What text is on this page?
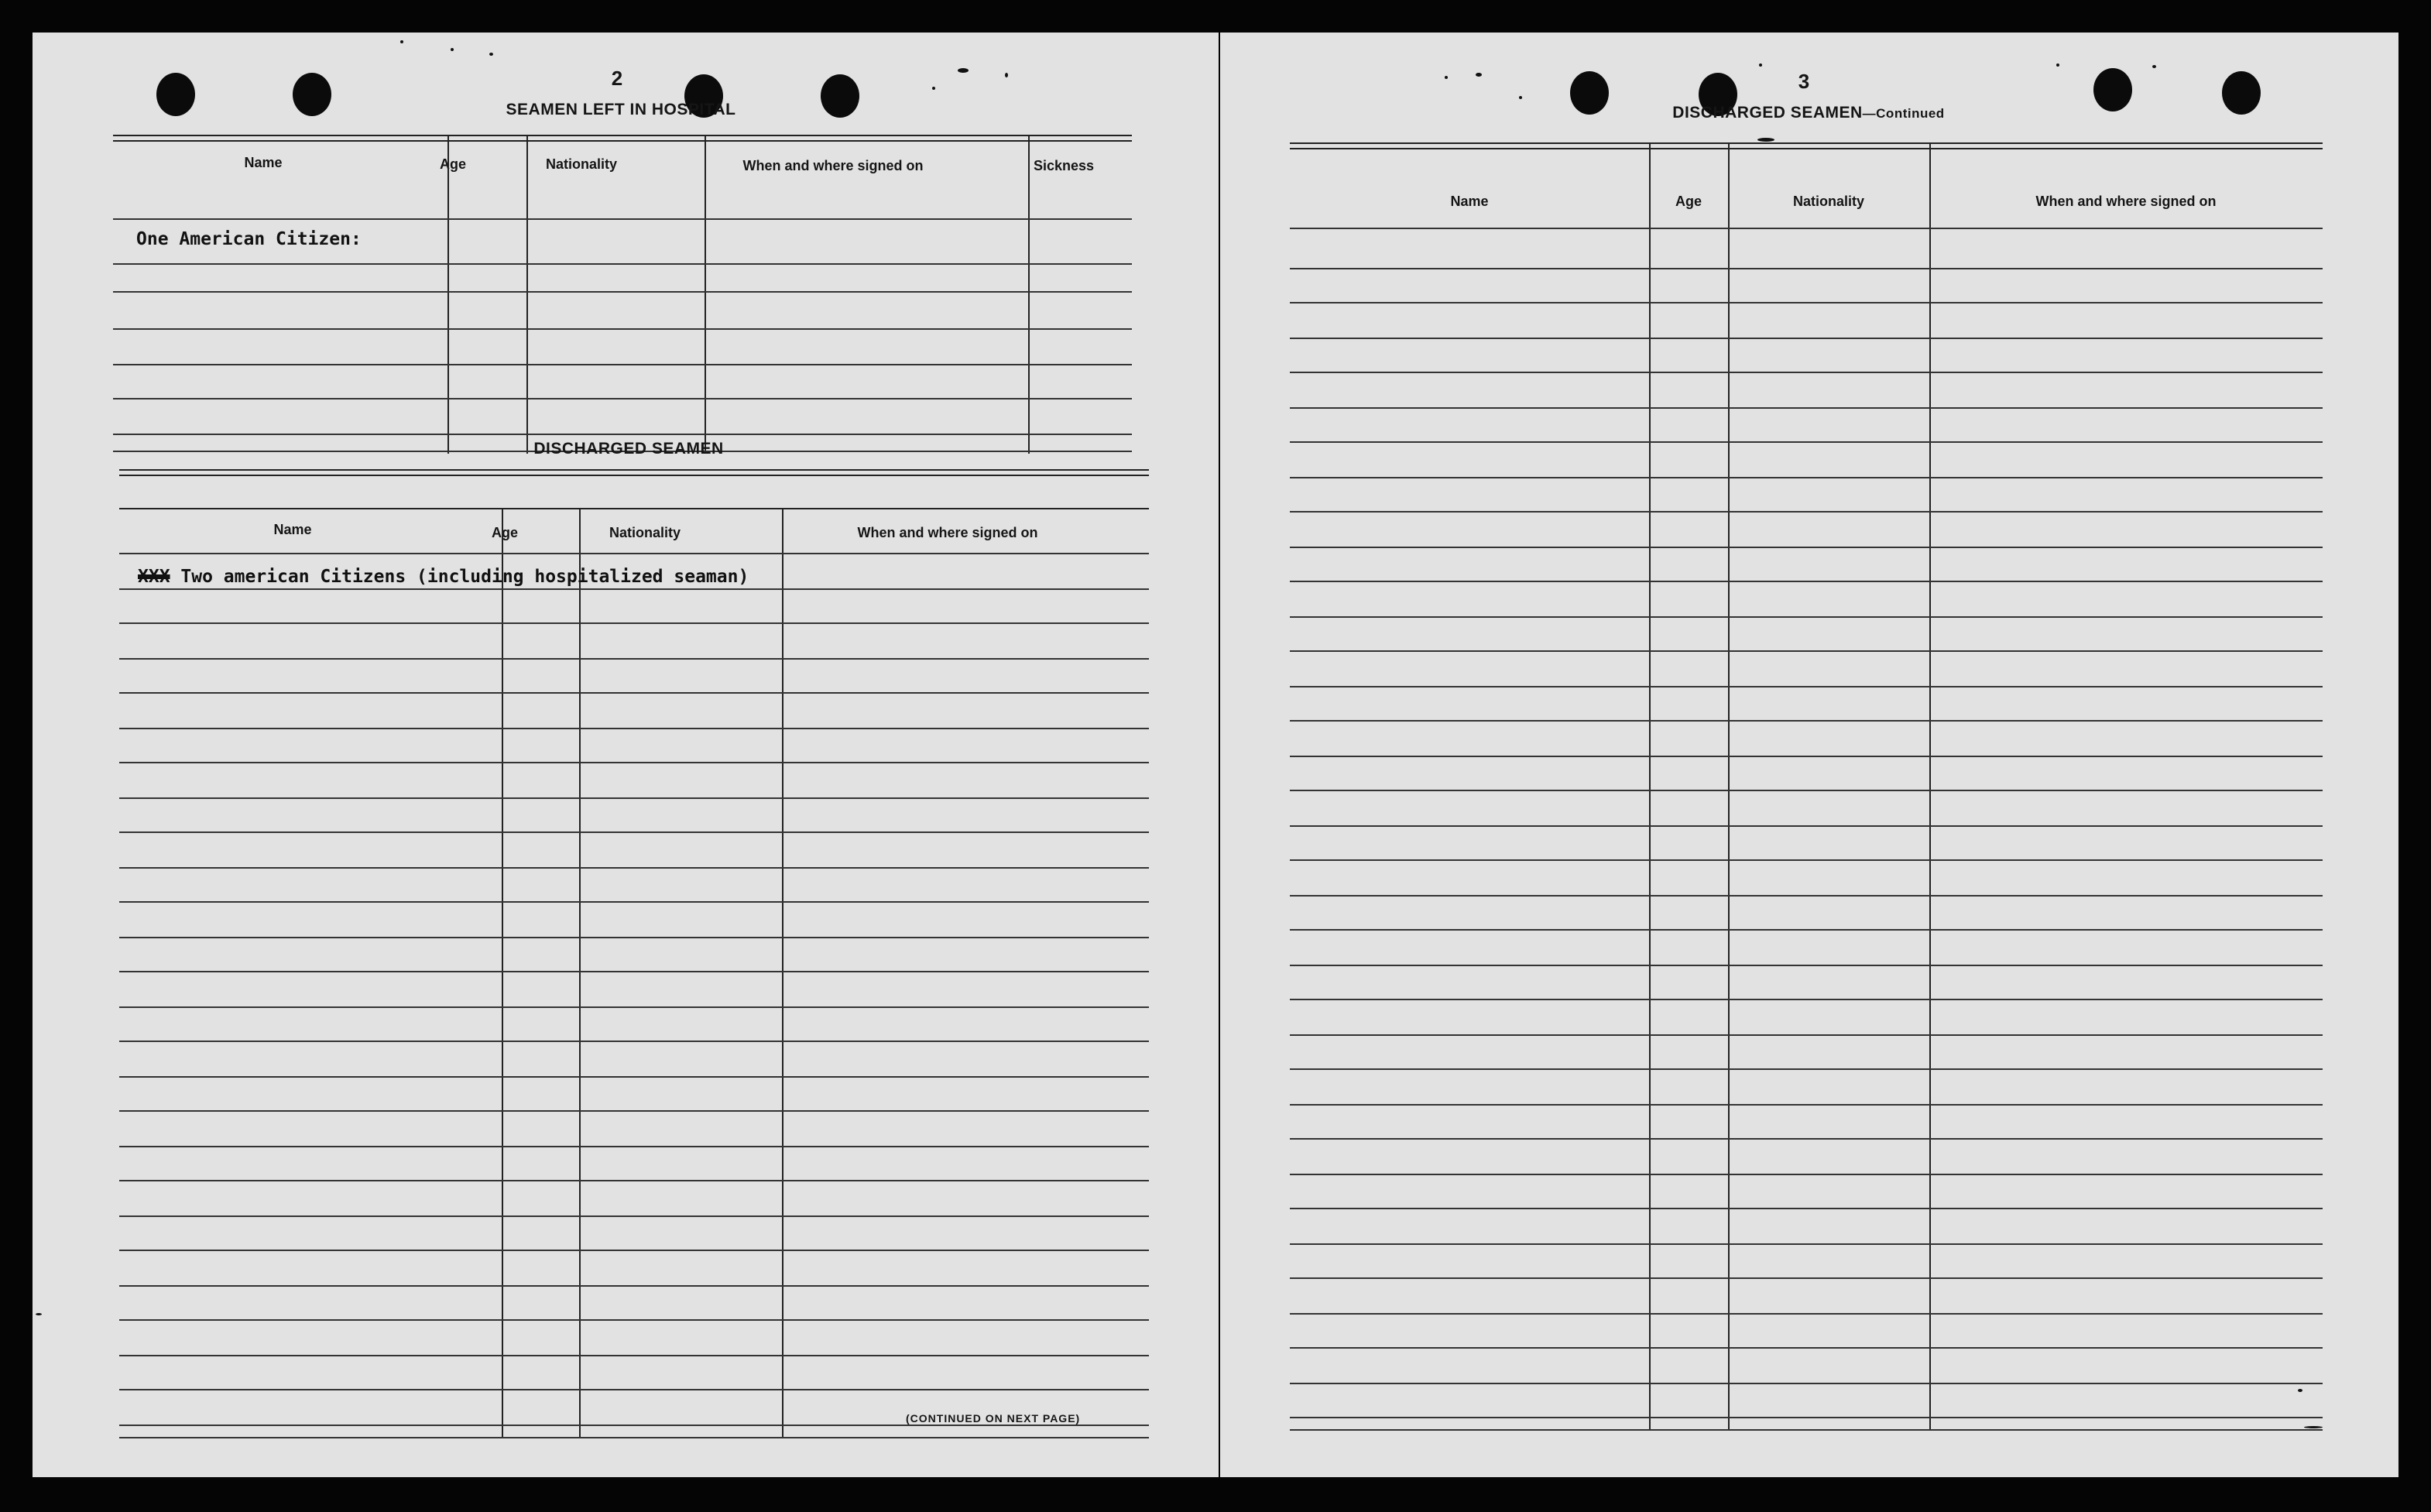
2
SEAMEN LEFT IN HOSPITAL
Name	Age	Nationality	When and where signed on	Sickness
One American Citizen:
DISCHARGED SEAMEN
Name	Age	Nationality	When and where signed on
XXX Two american Citizens (including hospitalized seaman)
(CONTINUED ON NEXT PAGE)
3
DISCHARGED SEAMEN—Continued
Name	Age	Nationality	When and where signed on
